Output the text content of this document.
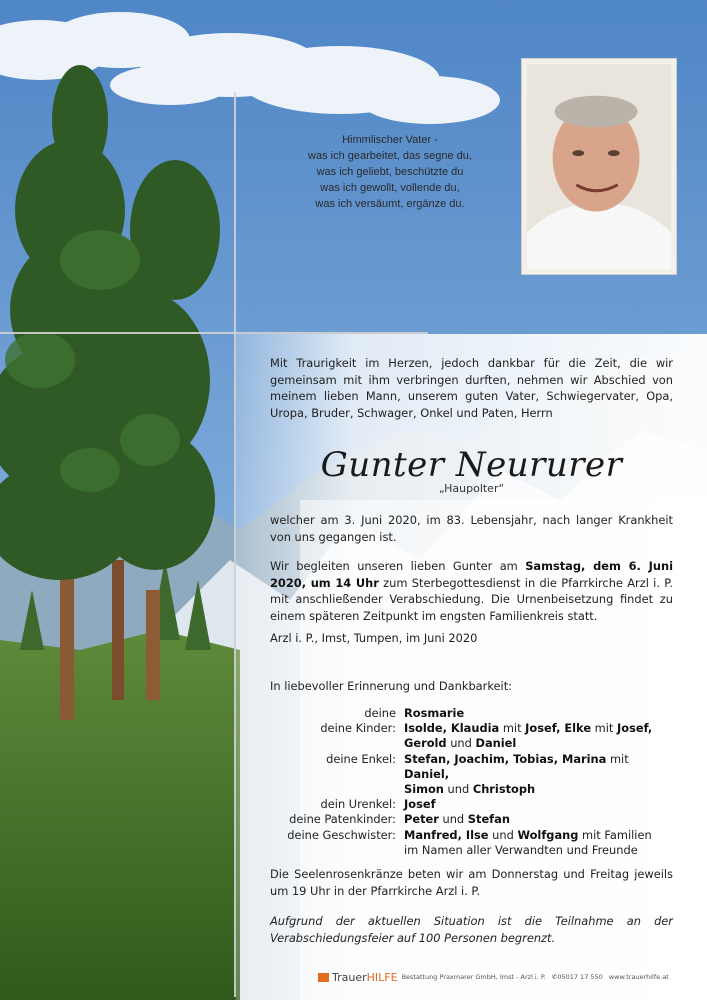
Himmlischer Vater -
was ich gearbeitet, das segne du,
was ich geliebt, beschützte du
was ich gewollt, vollende du,
was ich versäumt, ergänze du.
Mit Traurigkeit im Herzen, jedoch dankbar für die Zeit, die wir gemeinsam mit ihm verbringen durften, nehmen wir Abschied von meinem lieben Mann, unserem guten Vater, Schwiegervater, Opa, Uropa, Bruder, Schwager, Onkel und Paten, Herrn
Gunter Neururer
„Haupolter“
welcher am 3. Juni 2020, im 83. Lebensjahr, nach langer Krankheit von uns gegangen ist.
Wir begleiten unseren lieben Gunter am Samstag, dem 6. Juni 2020, um 14 Uhr zum Sterbegottesdienst in die Pfarrkirche Arzl i. P. mit anschließender Verabschiedung. Die Urnenbeisetzung findet zu einem späteren Zeitpunkt im engsten Familienkreis statt.
Arzl i. P., Imst, Tumpen, im Juni 2020
In liebevoller Erinnerung und Dankbarkeit:
deine Rosmarie
deine Kinder: Isolde, Klaudia mit Josef, Elke mit Josef,
Gerold und Daniel
deine Enkel: Stefan, Joachim, Tobias, Marina mit Daniel,
Simon und Christoph
dein Urenkel: Josef
deine Patenkinder: Peter und Stefan
deine Geschwister: Manfred, Ilse und Wolfgang mit Familien
im Namen aller Verwandten und Freunde
Die Seelenrosenkränze beten wir am Donnerstag und Freitag jeweils um 19 Uhr in der Pfarrkirche Arzl i. P.
Aufgrund der aktuellen Situation ist die Teilnahme an der Verabschiedungsfeier auf 100 Personen begrenzt.
TrauerHILFE Bestattung Praxmarer GmbH, Imst - Arzl i. P. ✆ 05017 17 550 www.trauerhilfe.at
